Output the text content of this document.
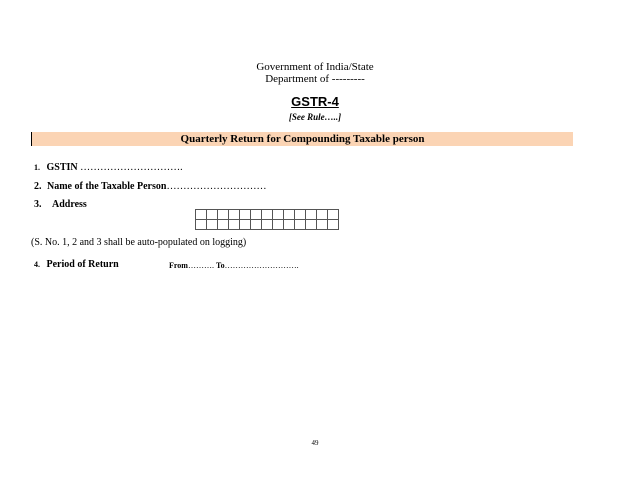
Government of India/State
Department of ---------
GSTR-4
[See Rule…..]
Quarterly Return for Compounding Taxable person
1. GSTIN ………………………….
2. Name of the Taxable Person…………………………
3. Address

(S. No. 1, 2 and 3 shall be auto-populated on logging)
4. Period of Return	From………. To……………………….
49
